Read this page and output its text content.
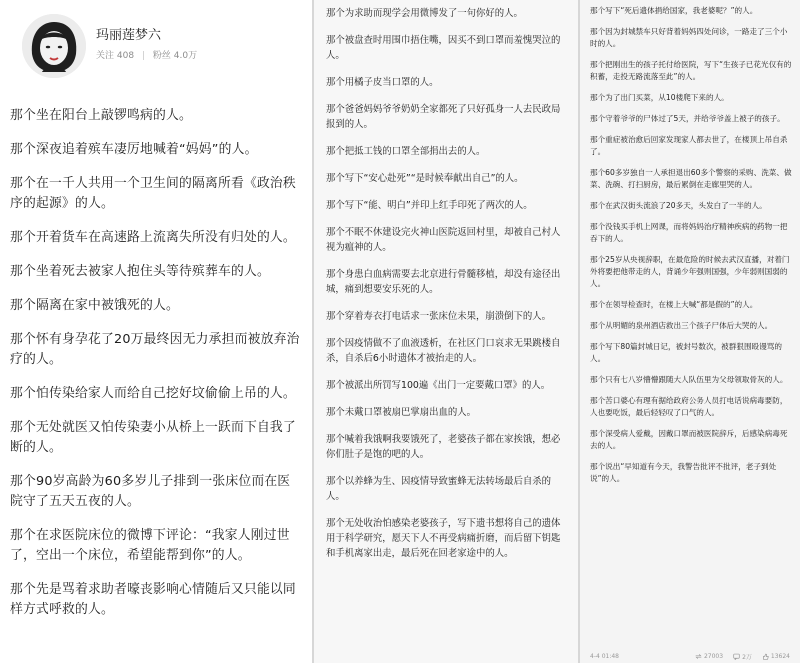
玛丽莲梦六
关注 408 | 粉丝 4.0万

那个坐在阳台上敲锣鸣病的人。

那个深夜追着殡车凄厉地喊着“妈妈”的人。

那个在一千人共用一个卫生间的隔离所看《政治秩序的起源》的人。

那个开着货车在高速路上流离失所没有归处的人。

那个坐着死去被家人抱住头等待殡葬车的人。

那个隔离在家中被饿死的人。

那个怀有身孕花了20万最终因无力承担而被放弃治疗的人。

那个怕传染给家人而给自己挖好坟偷偷上吊的人。

那个无处就医又怕传染妻小从桥上一跃而下自我了断的人。

那个90岁高龄为60多岁儿子排到一张床位而在医院守了五天五夜的人。

那个在求医院床位的微博下评论：“我家人刚过世了，空出一个床位，希望能帮到你”的人。

那个先是骂着求助者嚎丧影响心情随后又只能以同样方式呼救的人。

那个为求助而现学会用微博发了一句你好的人。

那个被盘查时用围巾捂住嘴，因买不到口罩而羞愧哭泣的人。

那个用橘子皮当口罩的人。

那个爸爸妈妈爷爷奶奶全家都死了只好孤身一人去民政局报到的人。

那个把抵工钱的口罩全部捐出去的人。

那个写下“安心赴死”“是时候奉献出自己”的人。

那个写下“能、明白”并印上红手印死了两次的人。

那个不眠不休建设完火神山医院返回村里，却被自己村人视为瘟神的人。

那个身患白血病需要去北京进行骨髓移植，却没有途径出城，痛到想要安乐死的人。

那个穿着寿衣打电话求一张床位未果，崩溃倒下的人。

那个因疫情做不了血液透析，在社区门口哀求无果跳楼自杀，自杀后6小时遗体才被抬走的人。

那个被派出所罚写100遍《出门一定要戴口罩》的人。

那个未戴口罩被扇巴掌扇出血的人。

那个喊着我饿啊我要饿死了，老婆孩子都在家挨饿，想必你们肚子是饱的吧的人。

那个以养蜂为生、因疫情导致蜜蜂无法转场最后自杀的人。

那个无处收治怕感染老婆孩子，写下遗书想将自己的遗体用于科学研究，愿天下人不再受病痛折磨，而后留下钥匙和手机离家出走，最后死在回老家途中的人。

那个写下“死后遗体捐给国家，我老婆呢？”的人。

那个因为封城禁车只好背着妈妈四处问诊，一路走了三个小时的人。

那个把刚出生的孩子托付给医院，写下“生孩子已花光仅有的积蓄，走投无路流落至此”的人。

那个为了出门买菜，从10楼爬下来的人。

那个守着爷爷的尸体过了5天，并给爷爷盖上被子的孩子。

那个重症被治愈后回家发现家人都去世了，在楼顶上吊自杀了。

那个60多岁独自一人承担退出60多个警察的采购、洗菜、做菜、洗碗、打扫厨房，最后累倒在走廊里哭的人。

那个在武汉街头流浪了20多天，头发白了一半的人。

那个没钱买手机上网课，而将妈妈治疗精神疾病的药物一把吞下的人。

那个25岁从央视辞职，在最危险的时候去武汉直播，对着门外将要把他带走的人，背诵少年强则国强，少年弱则国弱的人。

那个在领导检查时，在楼上大喊“都是假的”的人。

那个从明媚的泉州酒店救出三个孩子尸体后大哭的人。

那个写下80篇封城日记，被封号数次，被群狠围殴谩骂的人。

那个只有七八岁懵懵跟随大人队伍里为父母领取骨灰的人。

那个苦口婆心有理有据给政府公务人员打电话说病毒要防，人也要吃饭，最后轻轻叹了口气的人。

那个深受病人爱戴，因戴口罩而被医院辞斥，后感染病毒死去的人。

那个说出“早知道有今天，我警告批评不批评，老子到处说”的人。

4-4 01:48	27003	2万	13624
